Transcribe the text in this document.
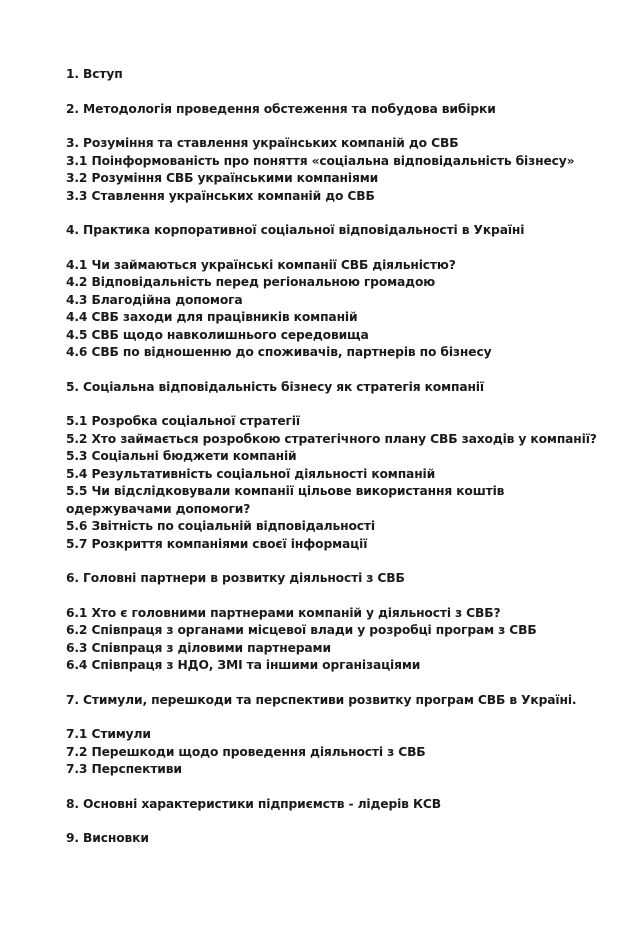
1. Вступ
2. Методологія проведення обстеження та побудова вибірки
3. Розуміння та ставлення українських компаній до СВБ
3.1 Поінформованість про поняття «соціальна відповідальність бізнесу»
3.2 Розуміння СВБ українськими компаніями
3.3 Ставлення українських компаній до СВБ
4. Практика корпоративної соціальної відповідальності в Україні
4.1 Чи займаються українські компанії СВБ діяльністю?
4.2 Відповідальність перед регіональною громадою
4.3 Благодійна допомога
4.4 СВБ заходи для працівників компаній
4.5 СВБ щодо навколишнього середовища
4.6 СВБ по відношенню до споживачів, партнерів по бізнесу
5. Соціальна відповідальність бізнесу як стратегія компанії
5.1 Розробка соціальної стратегії
5.2 Хто займається розробкою стратегічного плану СВБ заходів у компанії?
5.3 Соціальні бюджети компаній
5.4 Результативність соціальної діяльності компаній
5.5 Чи відслідковували компанії цільове використання коштів
одержувачами допомоги?
5.6 Звітність по соціальній відповідальності
5.7 Розкриття компаніями своєї інформації
6. Головні партнери в розвитку діяльності з СВБ
6.1 Хто є головними партнерами компаній у діяльності з СВБ?
6.2 Співпраця з органами місцевої влади у розробці програм з СВБ
6.3 Співпраця з діловими партнерами
6.4 Співпраця з НДО, ЗМІ та іншими організаціями
7. Стимули, перешкоди та перспективи розвитку програм СВБ в Україні.
7.1 Стимули
7.2 Перешкоди щодо проведення діяльності з СВБ
7.3 Перспективи
8. Основні характеристики підприємств - лідерів КСВ
9. Висновки
